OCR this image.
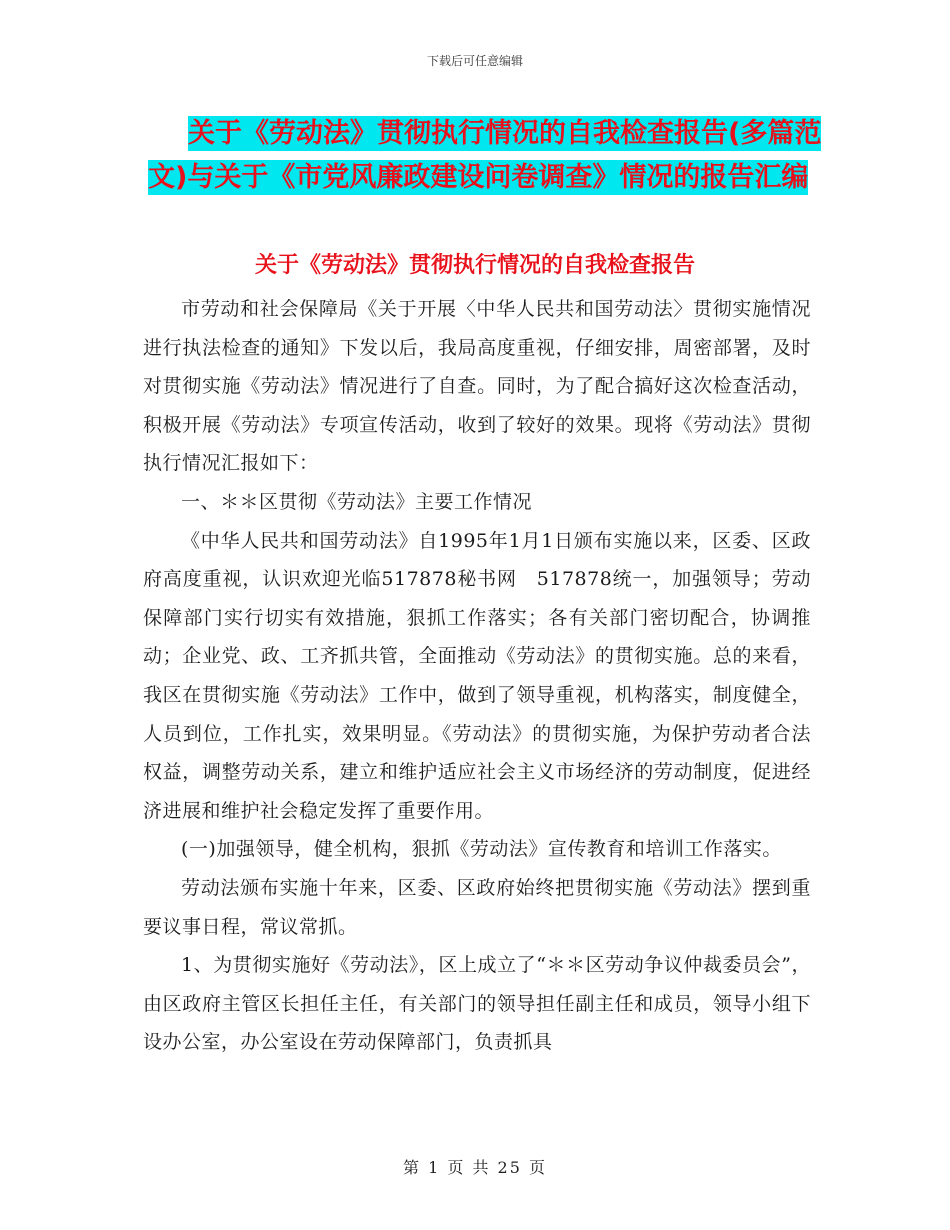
下载后可任意编辑
关于《劳动法》贯彻执行情况的自我检查报告(多篇范
文)与关于《市党风廉政建设问卷调查》情况的报告汇编
关于《劳动法》贯彻执行情况的自我检查报告

市劳动和社会保障局《关于开展〈中华人民共和国劳动法〉贯彻实施情况进行执法检查的通知》下发以后，我局高度重视，仔细安排，周密部署，及时对贯彻实施《劳动法》情况进行了自查。同时，为了配合搞好这次检查活动，积极开展《劳动法》专项宣传活动，收到了较好的效果。现将《劳动法》贯彻执行情况汇报如下：

一、＊＊区贯彻《劳动法》主要工作情况

《中华人民共和国劳动法》自1995年1月1日颁布实施以来，区委、区政府高度重视，认识欢迎光临517878秘书网　517878统一，加强领导；劳动保障部门实行切实有效措施，狠抓工作落实；各有关部门密切配合，协调推动；企业党、政、工齐抓共管，全面推动《劳动法》的贯彻实施。总的来看，我区在贯彻实施《劳动法》工作中，做到了领导重视，机构落实，制度健全，人员到位，工作扎实，效果明显。《劳动法》的贯彻实施，为保护劳动者合法权益，调整劳动关系，建立和维护适应社会主义市场经济的劳动制度，促进经济进展和维护社会稳定发挥了重要作用。

(一)加强领导，健全机构，狠抓《劳动法》宣传教育和培训工作落实。

劳动法颁布实施十年来，区委、区政府始终把贯彻实施《劳动法》摆到重要议事日程，常议常抓。

1、为贯彻实施好《劳动法》，区上成立了“＊＊区劳动争议仲裁委员会”，由区政府主管区长担任主任，有关部门的领导担任副主任和成员，领导小组下设办公室，办公室设在劳动保障部门，负责抓具

第 1 页 共 25 页
